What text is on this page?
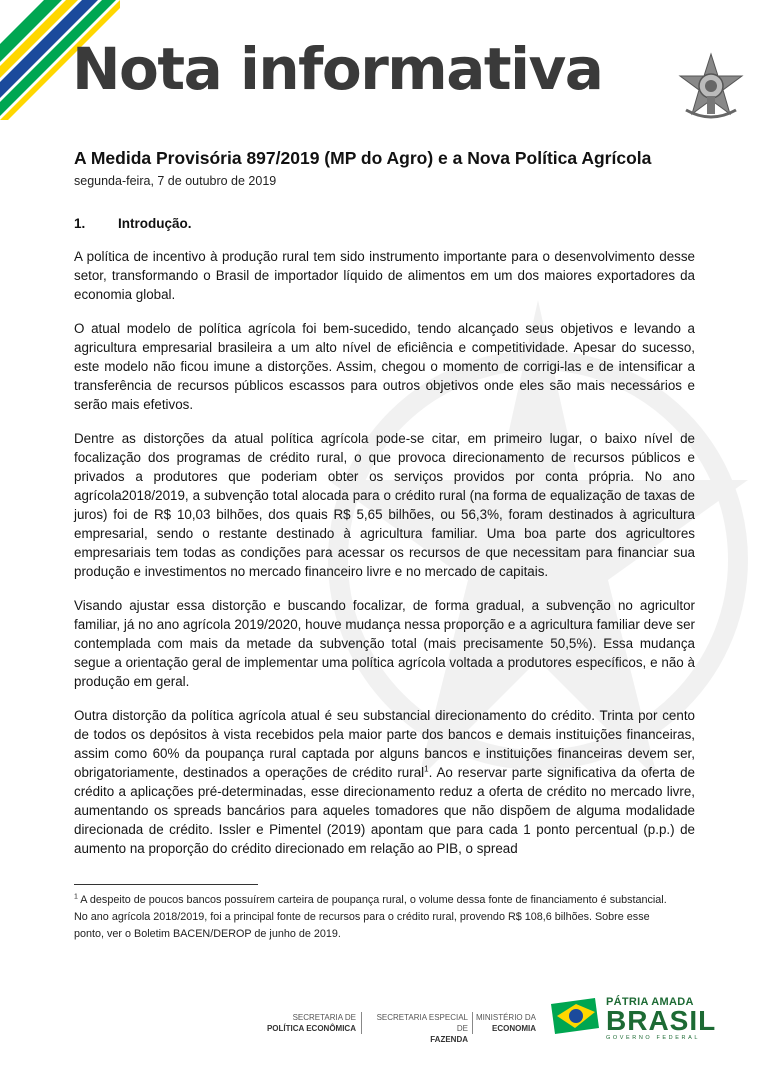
Nota informativa
A Medida Provisória 897/2019 (MP do Agro) e a Nova Política Agrícola
segunda-feira, 7 de outubro de 2019
1. Introdução.

A política de incentivo à produção rural tem sido instrumento importante para o desenvolvimento desse setor, transformando o Brasil de importador líquido de alimentos em um dos maiores exportadores da economia global.

O atual modelo de política agrícola foi bem-sucedido, tendo alcançado seus objetivos e levando a agricultura empresarial brasileira a um alto nível de eficiência e competitividade. Apesar do sucesso, este modelo não ficou imune a distorções. Assim, chegou o momento de corrigi-las e de intensificar a transferência de recursos públicos escassos para outros objetivos onde eles são mais necessários e serão mais efetivos.

Dentre as distorções da atual política agrícola pode-se citar, em primeiro lugar, o baixo nível de focalização dos programas de crédito rural, o que provoca direcionamento de recursos públicos e privados a produtores que poderiam obter os serviços providos por conta própria. No ano agrícola2018/2019, a subvenção total alocada para o crédito rural (na forma de equalização de taxas de juros) foi de R$ 10,03 bilhões, dos quais R$ 5,65 bilhões, ou 56,3%, foram destinados à agricultura empresarial, sendo o restante destinado à agricultura familiar. Uma boa parte dos agricultores empresariais tem todas as condições para acessar os recursos de que necessitam para financiar sua produção e investimentos no mercado financeiro livre e no mercado de capitais.

Visando ajustar essa distorção e buscando focalizar, de forma gradual, a subvenção no agricultor familiar, já no ano agrícola 2019/2020, houve mudança nessa proporção e a agricultura familiar deve ser contemplada com mais da metade da subvenção total (mais precisamente 50,5%). Essa mudança segue a orientação geral de implementar uma política agrícola voltada a produtores específicos, e não à produção em geral.

Outra distorção da política agrícola atual é seu substancial direcionamento do crédito. Trinta por cento de todos os depósitos à vista recebidos pela maior parte dos bancos e demais instituições financeiras, assim como 60% da poupança rural captada por alguns bancos e instituições financeiras devem ser, obrigatoriamente, destinados a operações de crédito rural$^1$. Ao reservar parte significativa da oferta de crédito a aplicações pré-determinadas, esse direcionamento reduz a oferta de crédito no mercado livre, aumentando os spreads bancários para aqueles tomadores que não dispõem de alguma modalidade direcionada de crédito. Issler e Pimentel (2019) apontam que para cada 1 ponto percentual (p.p.) de aumento na proporção do crédito direcionado em relação ao PIB, o spread

$^1$ A despeito de poucos bancos possuírem carteira de poupança rural, o volume dessa fonte de financiamento é substancial. No ano agrícola 2018/2019, foi a principal fonte de recursos para o crédito rural, provendo R$ 108,6 bilhões. Sobre esse ponto, ver o Boletim BACEN/DEROP de junho de 2019.
SECRETARIA DE
POLÍTICA ECONÔMICA
SECRETARIA ESPECIAL DE
FAZENDA
MINISTÉRIO DA
ECONOMIA
PÁTRIA AMADA
BRASIL
GOVERNO FEDERAL
